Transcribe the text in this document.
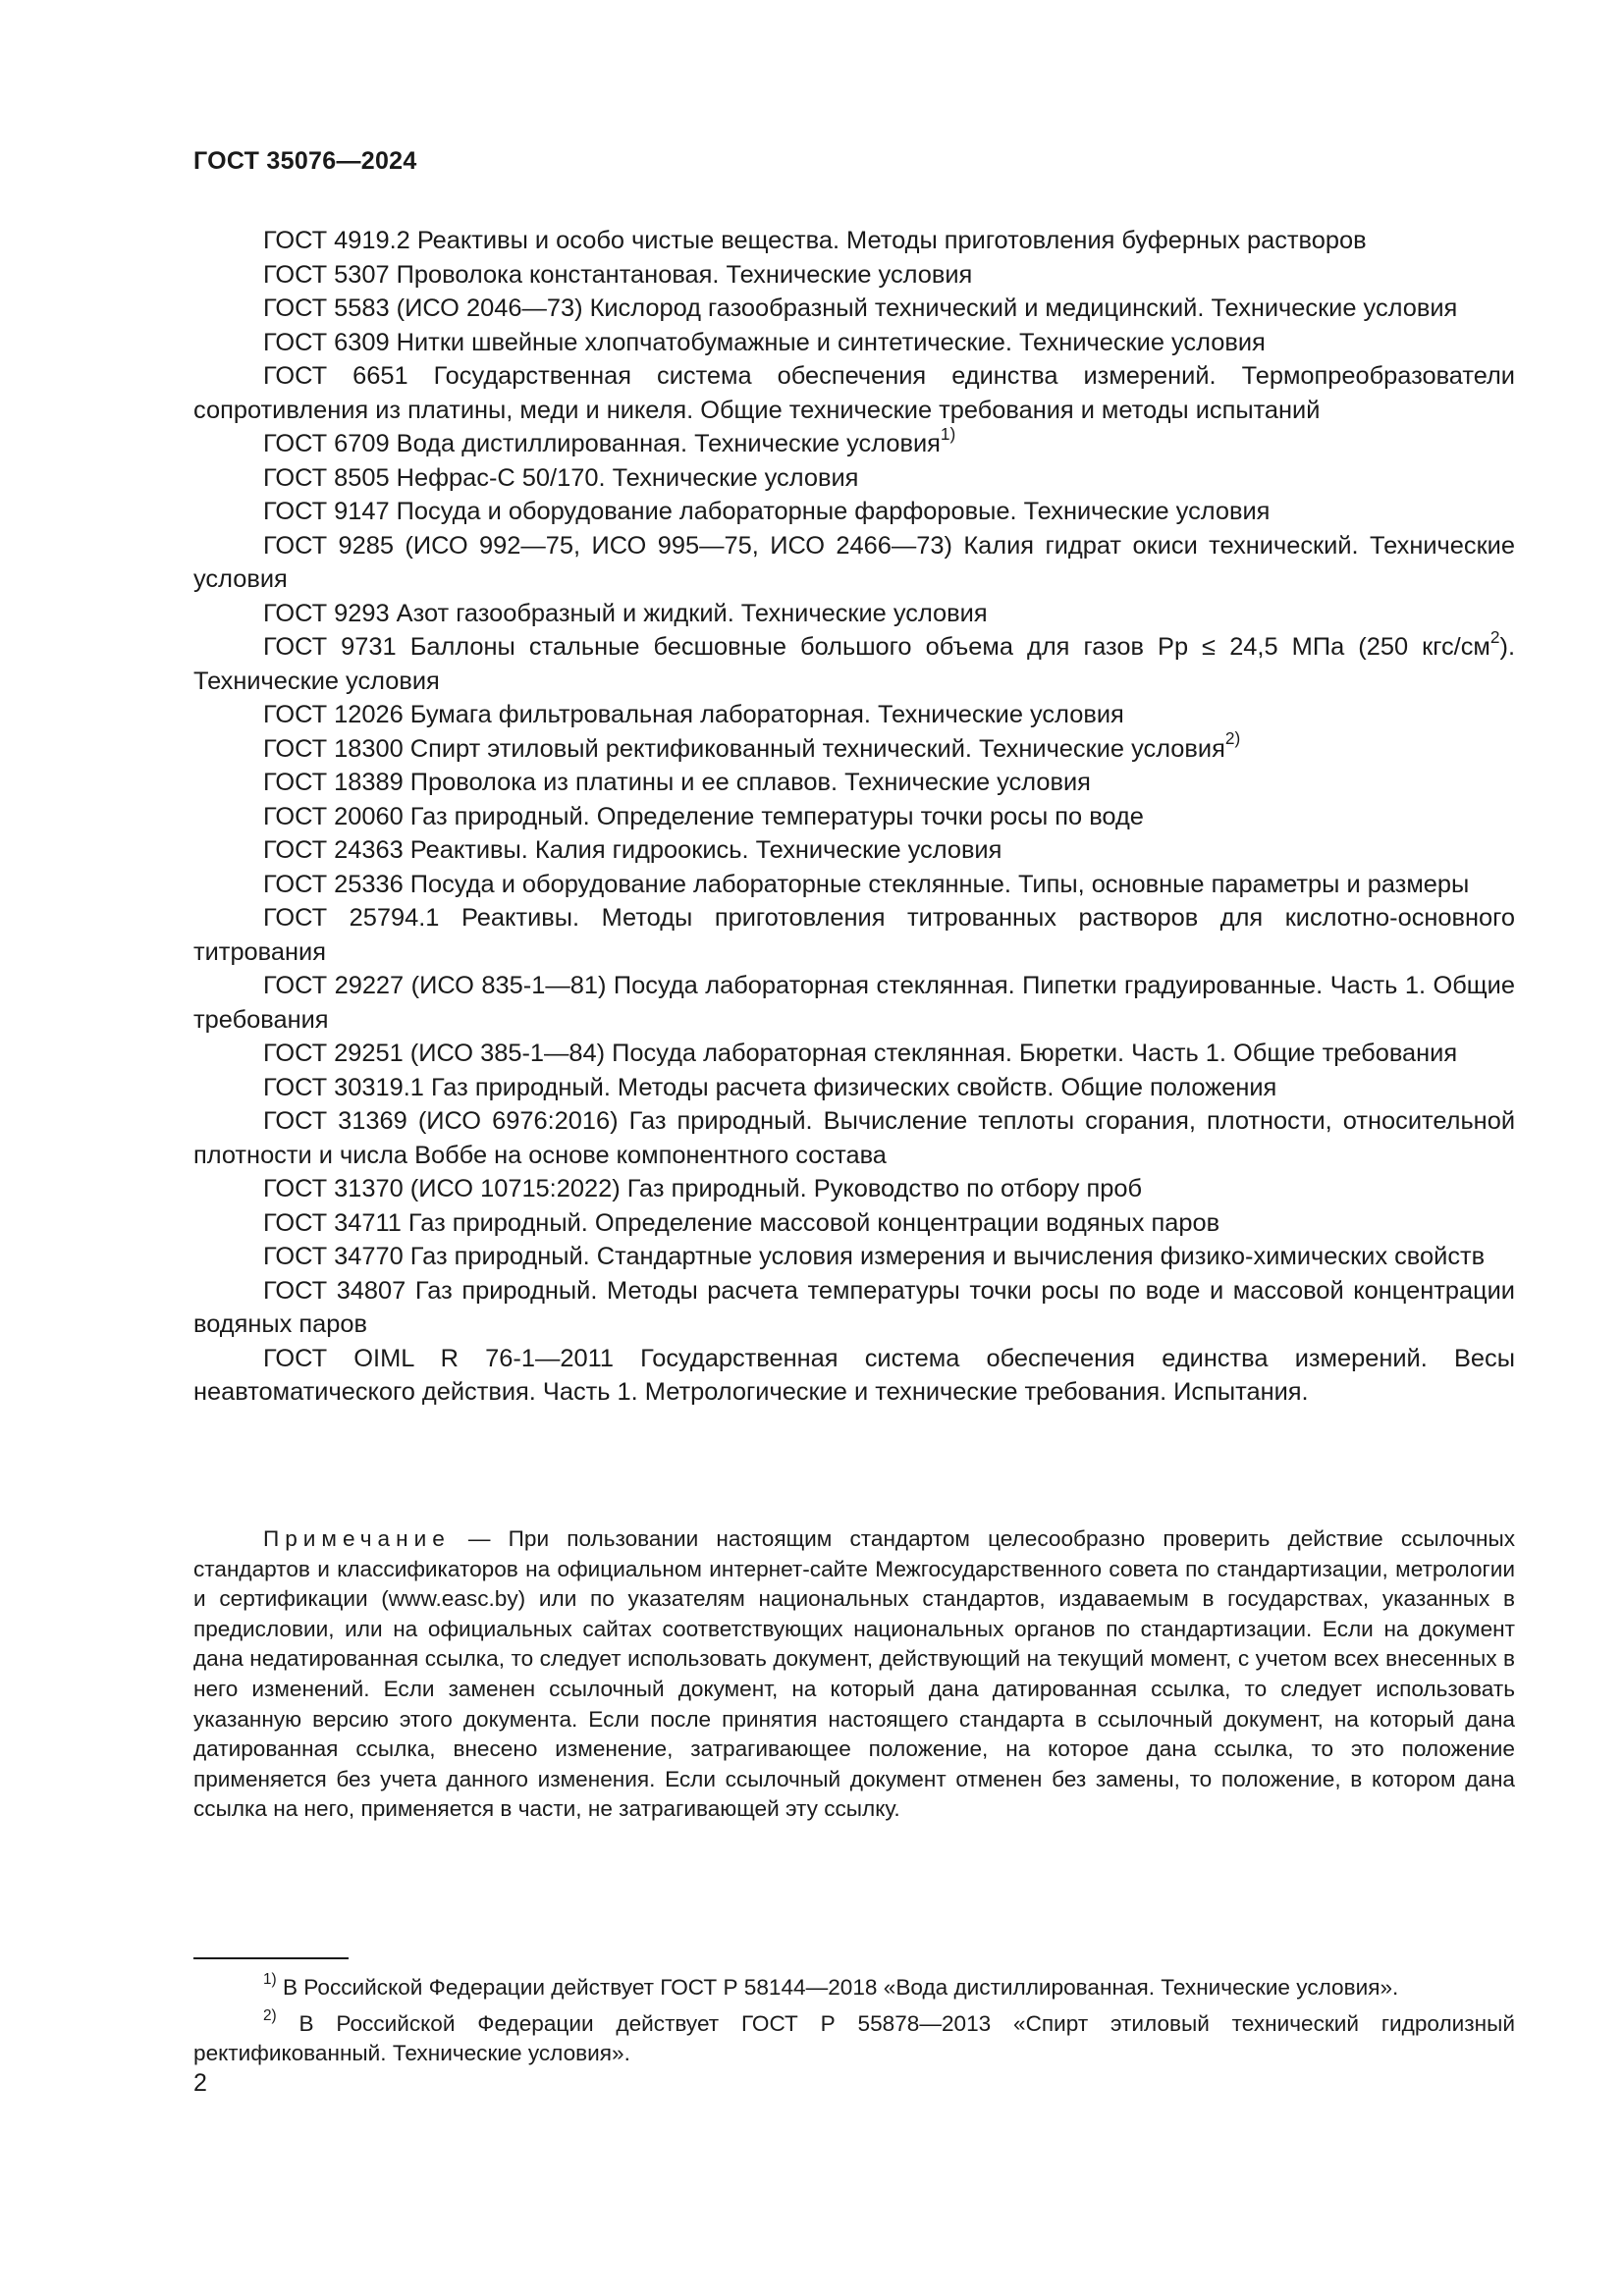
ГОСТ 35076—2024

ГОСТ 4919.2 Реактивы и особо чистые вещества. Методы приготовления буферных растворов

ГОСТ 5307 Проволока константановая. Технические условия

ГОСТ 5583 (ИСО 2046—73) Кислород газообразный технический и медицинский. Технические условия

ГОСТ 6309 Нитки швейные хлопчатобумажные и синтетические. Технические условия

ГОСТ 6651 Государственная система обеспечения единства измерений. Термопреобразователи сопротивления из платины, меди и никеля. Общие технические требования и методы испытаний

ГОСТ 6709 Вода дистиллированная. Технические условия$^{1)}$

ГОСТ 8505 Нефрас-С 50/170. Технические условия

ГОСТ 9147 Посуда и оборудование лабораторные фарфоровые. Технические условия

ГОСТ 9285 (ИСО 992—75, ИСО 995—75, ИСО 2466—73) Калия гидрат окиси технический. Технические условия

ГОСТ 9293 Азот газообразный и жидкий. Технические условия

ГОСТ 9731 Баллоны стальные бесшовные большого объема для газов Pр ≤ 24,5 МПа (250 кгс/$см^2$). Технические условия

ГОСТ 12026 Бумага фильтровальная лабораторная. Технические условия

ГОСТ 18300 Спирт этиловый ректификованный технический. Технические условия$^{2)}$

ГОСТ 18389 Проволока из платины и ее сплавов. Технические условия

ГОСТ 20060 Газ природный. Определение температуры точки росы по воде

ГОСТ 24363 Реактивы. Калия гидроокись. Технические условия

ГОСТ 25336 Посуда и оборудование лабораторные стеклянные. Типы, основные параметры и размеры

ГОСТ 25794.1 Реактивы. Методы приготовления титрованных растворов для кислотно-основного титрования

ГОСТ 29227 (ИСО 835-1—81) Посуда лабораторная стеклянная. Пипетки градуированные. Часть 1. Общие требования

ГОСТ 29251 (ИСО 385-1—84) Посуда лабораторная стеклянная. Бюретки. Часть 1. Общие требования

ГОСТ 30319.1 Газ природный. Методы расчета физических свойств. Общие положения

ГОСТ 31369 (ИСО 6976:2016) Газ природный. Вычисление теплоты сгорания, плотности, относительной плотности и числа Воббе на основе компонентного состава

ГОСТ 31370 (ИСО 10715:2022) Газ природный. Руководство по отбору проб

ГОСТ 34711 Газ природный. Определение массовой концентрации водяных паров

ГОСТ 34770 Газ природный. Стандартные условия измерения и вычисления физико-химических свойств

ГОСТ 34807 Газ природный. Методы расчета температуры точки росы по воде и массовой концентрации водяных паров

ГОСТ OIML R 76-1—2011 Государственная система обеспечения единства измерений. Весы неавтоматического действия. Часть 1. Метрологические и технические требования. Испытания.

Примечание — При пользовании настоящим стандартом целесообразно проверить действие ссылочных стандартов и классификаторов на официальном интернет-сайте Межгосударственного совета по стандартизации, метрологии и сертификации (www.easc.by) или по указателям национальных стандартов, издаваемым в государствах, указанных в предисловии, или на официальных сайтах соответствующих национальных органов по стандартизации. Если на документ дана недатированная ссылка, то следует использовать документ, действующий на текущий момент, с учетом всех внесенных в него изменений. Если заменен ссылочный документ, на который дана датированная ссылка, то следует использовать указанную версию этого документа. Если после принятия настоящего стандарта в ссылочный документ, на который дана датированная ссылка, внесено изменение, затрагивающее положение, на которое дана ссылка, то это положение применяется без учета данного изменения. Если ссылочный документ отменен без замены, то положение, в котором дана ссылка на него, применяется в части, не затрагивающей эту ссылку.

$^{1)}$ В Российской Федерации действует ГОСТ Р 58144—2018 «Вода дистиллированная. Технические условия».

$^{2)}$ В Российской Федерации действует ГОСТ Р 55878—2013 «Спирт этиловый технический гидролизный ректификованный. Технические условия».

2
